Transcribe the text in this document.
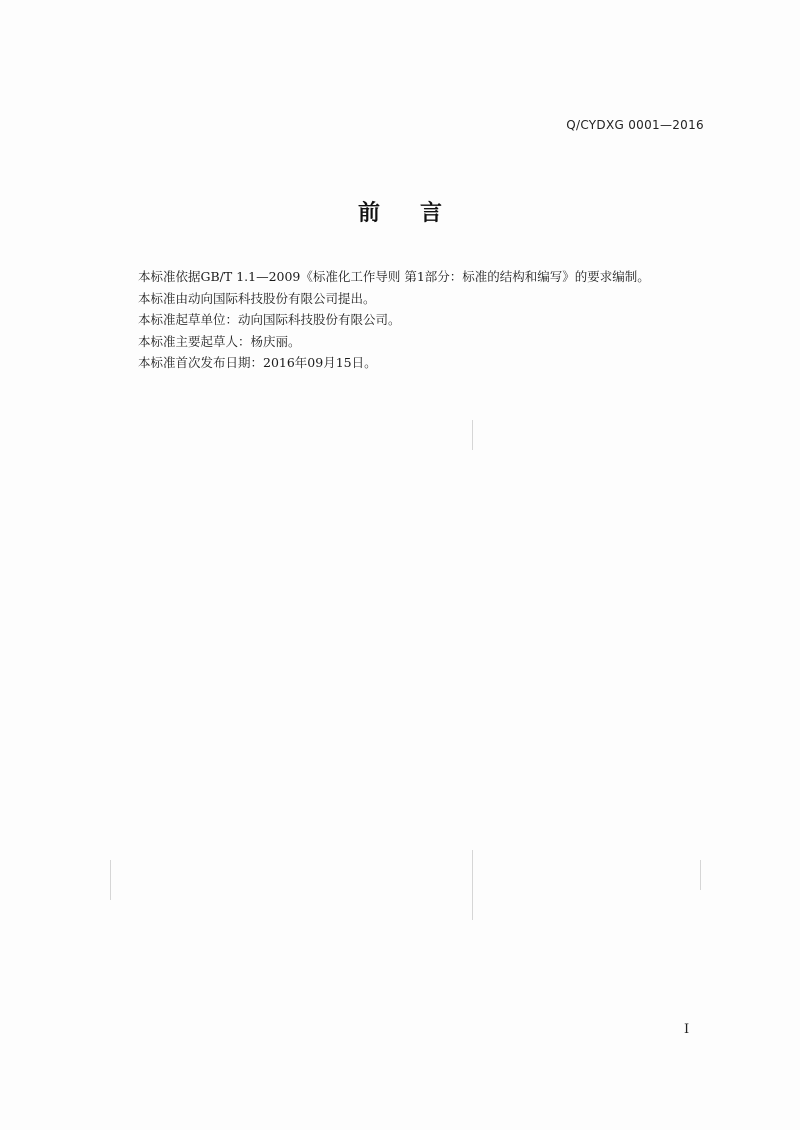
Q/CYDXG 0001—2016
前言

本标准依据GB/T 1.1—2009《标准化工作导则 第1部分：标准的结构和编写》的要求编制。

本标准由动向国际科技股份有限公司提出。

本标准起草单位：动向国际科技股份有限公司。

本标准主要起草人：杨庆丽。

本标准首次发布日期：2016年09月15日。

I
